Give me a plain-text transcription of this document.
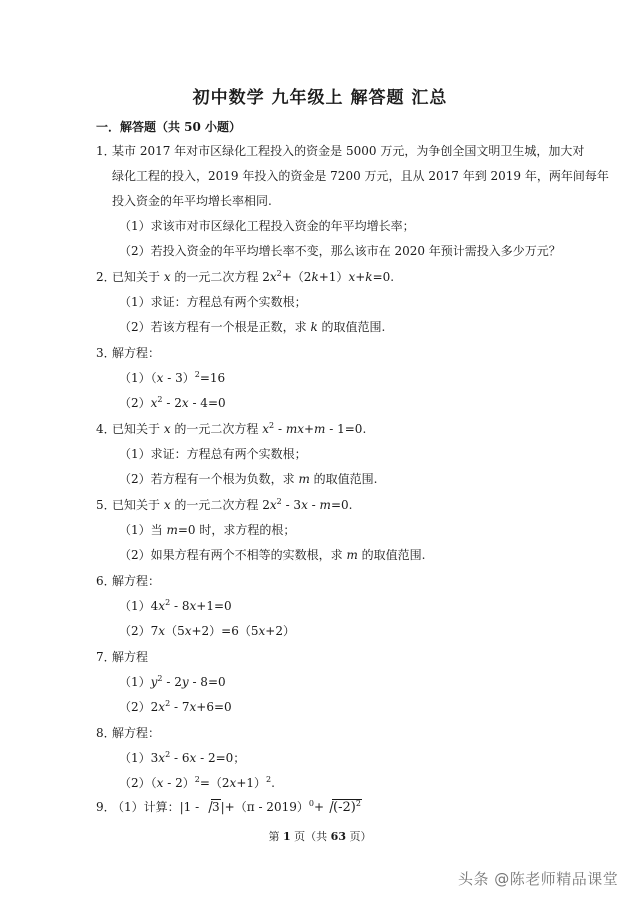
初中数学 九年级上 解答题 汇总
一．解答题（共 50 小题）
1．某市 2017 年对市区绿化工程投入的资金是 5000 万元，为争创全国文明卫生城，加大对
绿化工程的投入，2019 年投入的资金是 7200 万元，且从 2017 年到 2019 年，两年间每年
投入资金的年平均增长率相同.
（1）求该市对市区绿化工程投入资金的年平均增长率；
（2）若投入资金的年平均增长率不变，那么该市在 2020 年预计需投入多少万元？
2．已知关于 x 的一元二次方程 $2x^2+(2k+1)x+k=0$.
（1）求证：方程总有两个实数根；
（2）若该方程有一个根是正数，求 k 的取值范围.
3．解方程：
（1）（x - 3）$^2$=16
$(2)x^2 - 2x - 4=0$
4．已知关于 x 的一元二次方程 $x^2 - mx+m - 1=0$.
（1）求证：方程总有两个实数根；
（2）若方程有一个根为负数，求 m 的取值范围.
5．已知关于 x 的一元二次方程 $2x^2 - 3x - m=0$.
（1）当 m=0 时，求方程的根；
（2）如果方程有两个不相等的实数根，求 m 的取值范围.
6．解方程：
$(1)4x^2 - 8x+1=0$
（2）7x（5x+2）=6（5x+2）
7．解方程
$(1)y^2 - 2y - 8=0$
$(2)2x^2 - 7x+6=0$
8．解方程：
$(1)3x^2 - 6x - 2=0$；
$(2)(x - 2)^2=(2x+1)^2$.
9．（1）计算：$|1 - 3|+(\pi - 2019)^0+ (-2)^2$
第 1 页（共 63 页）
头条 @陈老师精品课堂
